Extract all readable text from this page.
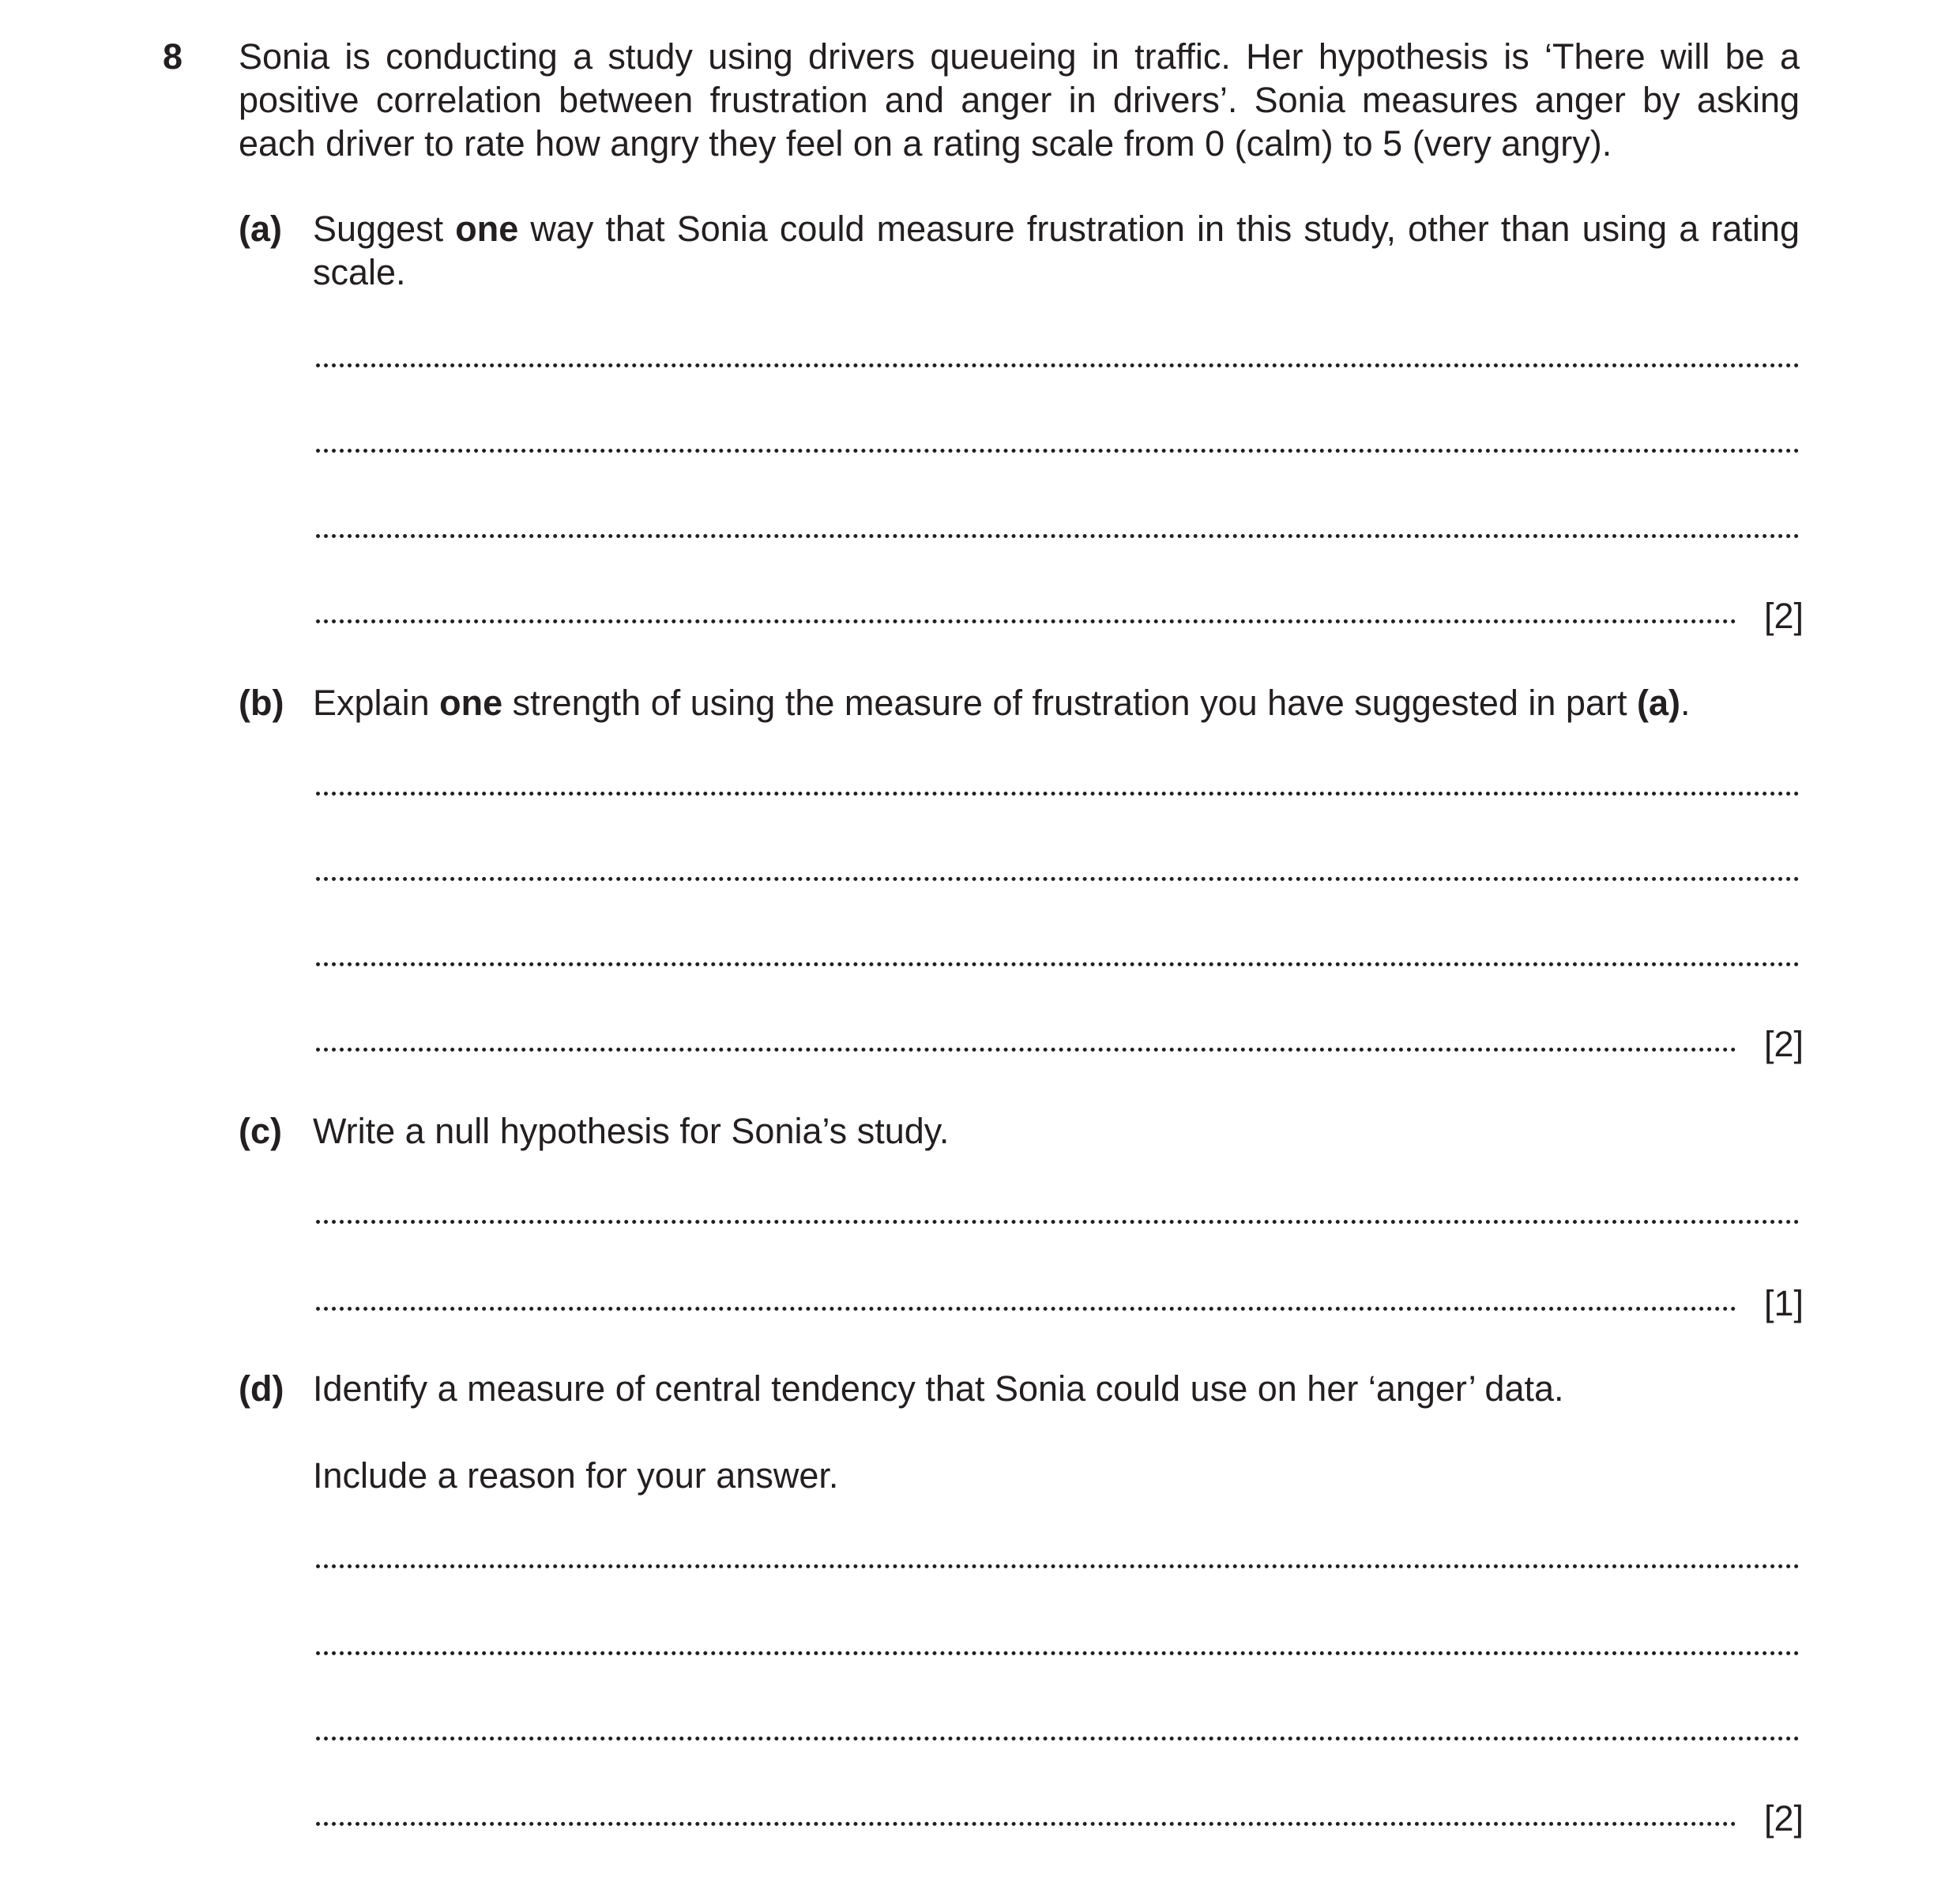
8 Sonia is conducting a study using drivers queueing in traffic. Her hypothesis is ‘There will be a positive correlation between frustration and anger in drivers’. Sonia measures anger by asking each driver to rate how angry they feel on a rating scale from 0 (calm) to 5 (very angry).
(a) Suggest one way that Sonia could measure frustration in this study, other than using a rating scale.
[2]
(b) Explain one strength of using the measure of frustration you have suggested in part (a).
[2]
(c) Write a null hypothesis for Sonia’s study.
[1]
(d) Identify a measure of central tendency that Sonia could use on her ‘anger’ data.
Include a reason for your answer.
[2]
